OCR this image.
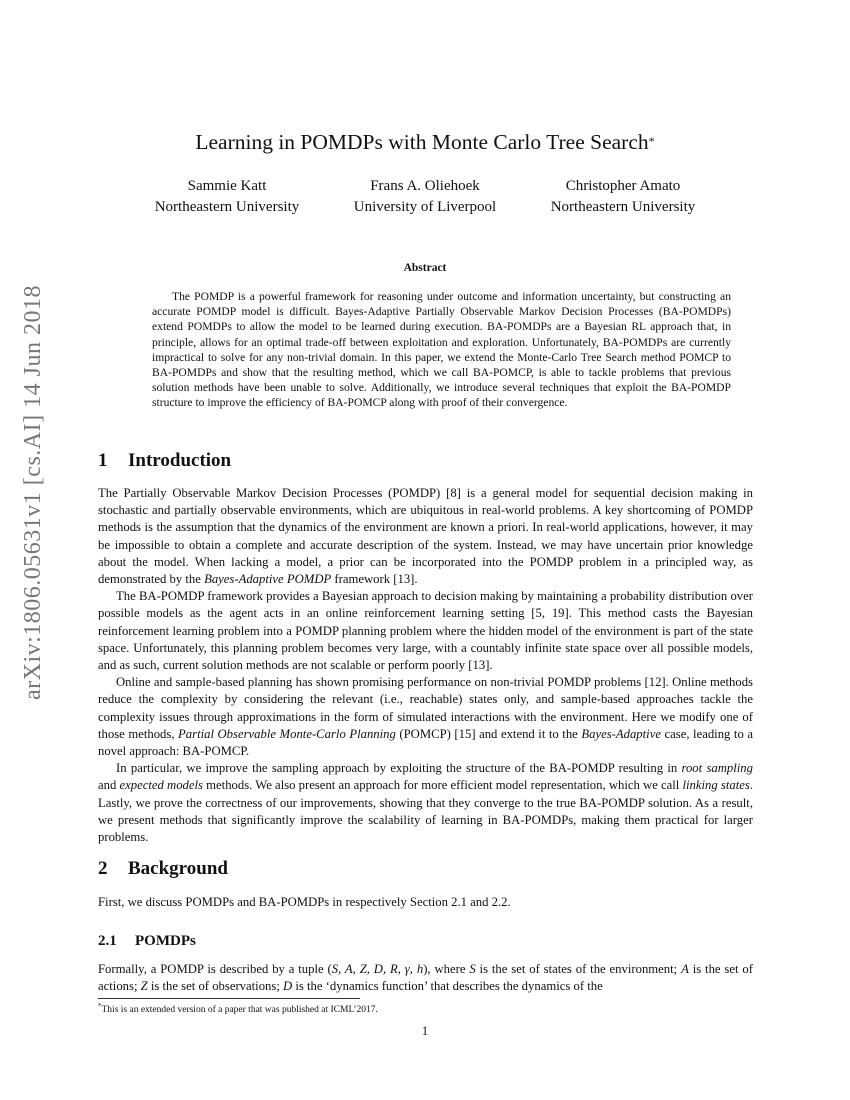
arXiv:1806.05631v1 [cs.AI] 14 Jun 2018
Learning in POMDPs with Monte Carlo Tree Search*
Sammie Katt
Northeastern University
Frans A. Oliehoek
University of Liverpool
Christopher Amato
Northeastern University
Abstract
The POMDP is a powerful framework for reasoning under outcome and information uncertainty, but constructing an accurate POMDP model is difficult. Bayes-Adaptive Partially Observable Markov Decision Processes (BA-POMDPs) extend POMDPs to allow the model to be learned during execution. BA-POMDPs are a Bayesian RL approach that, in principle, allows for an optimal trade-off between exploitation and exploration. Unfortunately, BA-POMDPs are currently impractical to solve for any non-trivial domain. In this paper, we extend the Monte-Carlo Tree Search method POMCP to BA-POMDPs and show that the resulting method, which we call BA-POMCP, is able to tackle problems that previous solution methods have been unable to solve. Additionally, we introduce several techniques that exploit the BA-POMDP structure to improve the efficiency of BA-POMCP along with proof of their convergence.
1 Introduction

The Partially Observable Markov Decision Processes (POMDP) [8] is a general model for sequential decision making in stochastic and partially observable environments, which are ubiquitous in real-world problems. A key shortcoming of POMDP methods is the assumption that the dynamics of the environment are known a priori. In real-world applications, however, it may be impossible to obtain a complete and accurate description of the system. Instead, we may have uncertain prior knowledge about the model. When lacking a model, a prior can be incorporated into the POMDP problem in a principled way, as demonstrated by the Bayes-Adaptive POMDP framework [13].

The BA-POMDP framework provides a Bayesian approach to decision making by maintaining a probability distribution over possible models as the agent acts in an online reinforcement learning setting [5, 19]. This method casts the Bayesian reinforcement learning problem into a POMDP planning problem where the hidden model of the environment is part of the state space. Unfortunately, this planning problem becomes very large, with a countably infinite state space over all possible models, and as such, current solution methods are not scalable or perform poorly [13].

Online and sample-based planning has shown promising performance on non-trivial POMDP problems [12]. Online methods reduce the complexity by considering the relevant (i.e., reachable) states only, and sample-based approaches tackle the complexity issues through approximations in the form of simulated interactions with the environment. Here we modify one of those methods, Partial Observable Monte-Carlo Planning (POMCP) [15] and extend it to the Bayes-Adaptive case, leading to a novel approach: BA-POMCP.

In particular, we improve the sampling approach by exploiting the structure of the BA-POMDP resulting in root sampling and expected models methods. We also present an approach for more efficient model representation, which we call linking states. Lastly, we prove the correctness of our improvements, showing that they converge to the true BA-POMDP solution. As a result, we present methods that significantly improve the scalability of learning in BA-POMDPs, making them practical for larger problems.

2 Background

First, we discuss POMDPs and BA-POMDPs in respectively Section 2.1 and 2.2.

2.1 POMDPs

Formally, a POMDP is described by a tuple (S, A, Z, D, R, γ, h), where S is the set of states of the environment; A is the set of actions; Z is the set of observations; D is the ‘dynamics function’ that describes the dynamics of the

*This is an extended version of a paper that was published at ICML’2017.
1
